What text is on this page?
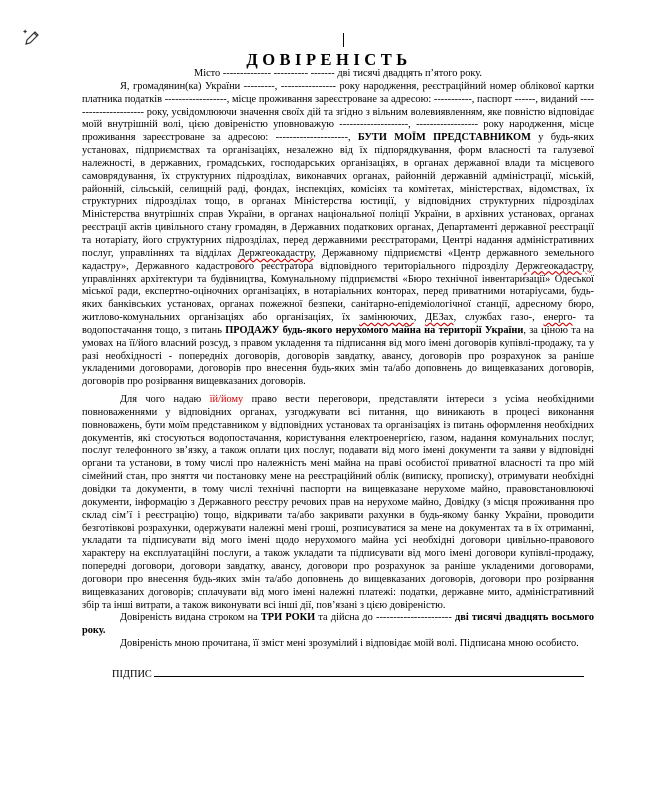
ДОВІРЕНІСТЬ

Місто -------------- ---------- ------- дві тисячі двадцять п’ятого року.

Я, громадянин(ка) України ---------, ---------------- року народження, реєстраційний номер облікової картки платника податків ------------------, місце проживання зареєстроване за адресою: -----------, паспорт ------, виданий ---------------------- року, усвідомлюючи значення своїх дій та згідно з вільним волевиявленням, яке повністю відповідає моїй внутрішній волі, цією довіреністю уповноважую --------------------, ------------------ року народження, місце проживання зареєстроване за адресою: ---------------------, БУТИ МОЇМ ПРЕДСТАВНИКОМ у будь-яких установах, підприємствах та організаціях, незалежно від їх підпорядкування, форм власності та галузевої належності, в державних, громадських, господарських організаціях, в органах державної влади та місцевого самоврядування, їх структурних підрозділах, виконавчих органах, районній державній адміністрації, міській, районній, сільській, селищній раді, фондах, інспекціях, комісіях та комітетах, міністерствах, відомствах, їх структурних підрозділах тощо, в органах Міністерства юстиції, у відповідних структурних підрозділах Міністерства внутрішніх справ України, в органах національної поліції України, в архівних установах, органах реєстрації актів цивільного стану громадян, в Державних податкових органах, Департаменті державної реєстрації та нотаріату, його структурних підрозділах, перед державними реєстраторами, Центрі надання адміністративних послуг, управліннях та відділах Держгеокадастру, Державному підприємстві «Центр державного земельного кадастру», Державного кадастрового реєстратора відповідного територіального підрозділу Держгеокадастру, управліннях архітектури та будівництва, Комунальному підприємстві «Бюро технічної інвентаризації» Одеської міської ради, експертно-оціночних організаціях, в нотаріальних конторах, перед приватними нотаріусами, будь-яких банківських установах, органах пожежної безпеки, санітарно-епідеміологічної станції, адресному бюро, житлово-комунальних організаціях або організаціях, їх замінюючих, ДЕЗах, службах газо-, енерго- та водопостачання тощо, з питань ПРОДАЖУ будь-якого нерухомого майна на території України, за ціною та на умовах на її/його власний розсуд, з правом укладення та підписання від мого імені договорів купівлі-продажу, та у разі необхідності - попередніх договорів, договорів завдатку, авансу, договорів про розрахунок за раніше укладеними договорами, договорів про внесення будь-яких змін та/або доповнень до вищевказаних договорів, договорів про розірвання вищевказаних договорів.

Для чого надаю їй/йому право вести переговори, представляти інтереси з усіма необхідними повноваженнями у відповідних органах, узгоджувати всі питання, що виникають в процесі виконання повноважень, бути моїм представником у відповідних установах та організаціях із питань оформлення необхідних документів, які стосуються водопостачання, користування електроенергією, газом, надання комунальних послуг, послуг телефонного зв’язку, а також оплати цих послуг, подавати від мого імені документи та заяви у відповідні органи та установи, в тому числі про належність мені майна на праві особистої приватної власності та про мій сімейний стан, про зняття чи постановку мене на реєстраційний облік (виписку, прописку), отримувати необхідні довідки та документи, в тому числі технічні паспорти на вищевказане нерухоме майно, правовстановлюючі документи, інформацію з Державного реєстру речових прав на нерухоме майно, Довідку (з місця проживання про склад сім’ї і реєстрацію) тощо, відкривати та/або закривати рахунки в будь-якому банку України, проводити безготівкові розрахунки, одержувати належні мені гроші, розписуватися за мене на документах та в їх отриманні, укладати та підписувати від мого імені щодо нерухомого майна усі необхідні договори цивільно-правового характеру на експлуатаційні послуги, а також укладати та підписувати від мого імені договори купівлі-продажу, попередні договори, договори завдатку, авансу, договори про розрахунок за раніше укладеними договорами, договори про внесення будь-яких змін та/або доповнень до вищевказаних договорів, договори про розірвання вищевказаних договорів; сплачувати від мого імені належні платежі: податки, державне мито, адміністративний збір та інші витрати, а також виконувати всі інші дії, пов’язані з цією довіреністю.

Довіреність видана строком на ТРИ РОКИ та дійсна до ---------------------- дві тисячі двадцять восьмого року.

Довіреність мною прочитана, її зміст мені зрозумілий і відповідає моїй волі. Підписана мною особисто.

ПІДПИС
